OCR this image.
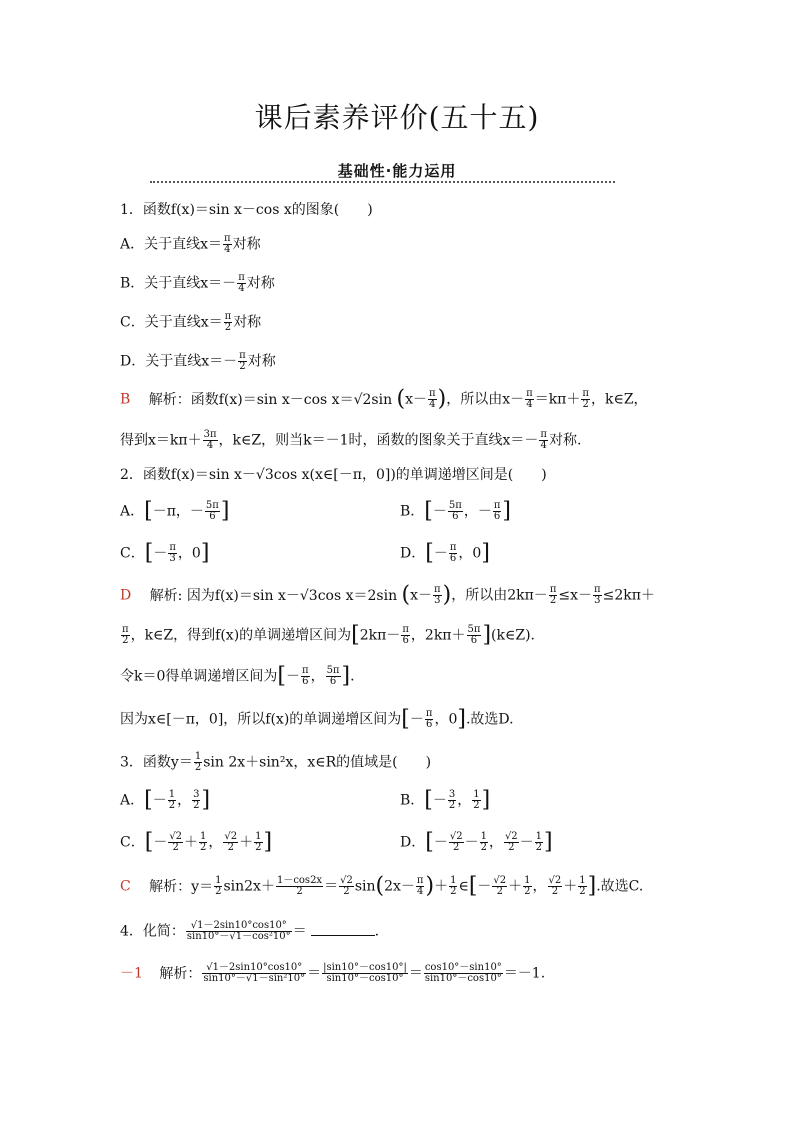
课后素养评价(五十五)
基础性·能力运用
1．函数f(x)＝sin x－cos x的图象(　　)
A．关于直线$x= \frac{\pi}{4}$ 对称
B．关于直线$x=- \frac{\pi}{4}$ 对称
C．关于直线$x= \frac{\pi}{2}$ 对称
D．关于直线$x=- \frac{\pi}{2}$ 对称
B 解析：函数f(x)＝sin x－cos x＝√2sin ($x- \frac{\pi}{4}$ )，所以由$x- \frac{\pi}{4} =k\pi+ \frac{\pi}{2}$ ，k∈Z，
得到$x=k\pi+ \frac{3\pi}{4}$ ，k∈Z，则当k＝－1时，函数的图象关于直线$x=- \frac{\pi}{4}$ 对称.
2．函数f(x)＝sin x－√3cos x(x∈[－π，0])的单调递增区间是(　　)
A．[－π，－ $\frac{5\pi}{6}$ ]	B．[－ $\frac{5\pi}{6}$ ，－ $\frac{\pi}{6}$ ]
C．[－ $\frac{\pi}{3}$ ，0]	D．[－ $\frac{\pi}{6}$ ，0]
D 解析: 因为f(x)＝sin x－√3cos x＝2sin ($x- \frac{\pi}{3}$ )，所以由$2k\pi- \frac{\pi}{2} \le x- \frac{\pi}{3} \le 2k\pi+$
$\frac{\pi}{2}$ ，k∈Z，得到f(x)的单调递增区间为[$2k\pi- \frac{\pi}{6}$ ，$2k\pi+ \frac{5\pi}{6}$ ](k∈Z).
令k＝0得单调递增区间为[－ $\frac{\pi}{6}$ ， $\frac{5\pi}{6}$ ].
因为x∈[－π，0]，所以f(x)的单调递增区间为[－ $\frac{\pi}{6}$ ，0].故选D.
3．函数$y= \frac{1}{2}$ sin 2x＋sin²x，x∈R的值域是(　　)
A．[－ $\frac{1}{2}$ ， $\frac{3}{2}$ ]	B．[－ $\frac{3}{2}$ ， $\frac{1}{2}$ ]
C．[－ $\frac{√2}{2} + \frac{1}{2}$ ， $\frac{√2}{2} + \frac{1}{2}$ ]	D．[－ $\frac{√2}{2} - \frac{1}{2}$ ， $\frac{√2}{2} - \frac{1}{2}$ ]
C 解析：$y= \frac{1}{2} \sin 2x+ \frac{1-\cos 2x}{2} = \frac{√2}{2} \sin(2x- \frac{\pi}{4}$ )＋ $\frac{1}{2}$ ∈[－ $\frac{√2}{2} + \frac{1}{2}$ ， $\frac{√2}{2} + \frac{1}{2}$ ].故选C.
4．化简： $\frac{√1-2\sin 10^\circ\cos 10^\circ}{\text{sin10°－√1－cos²10°}}$ ＝	.
－1 解析： $\frac{√1-2\sin 10^\circ\cos 10^\circ}{\text{sin10°－√1－sin²10°}} = \frac{|\sin 10^\circ-\cos 10^\circ|}{\sin 10^\circ-\cos 10^\circ} = \frac{\cos 10^\circ-\sin 10^\circ}{\sin 10^\circ-\cos 10^\circ} =-1$.
